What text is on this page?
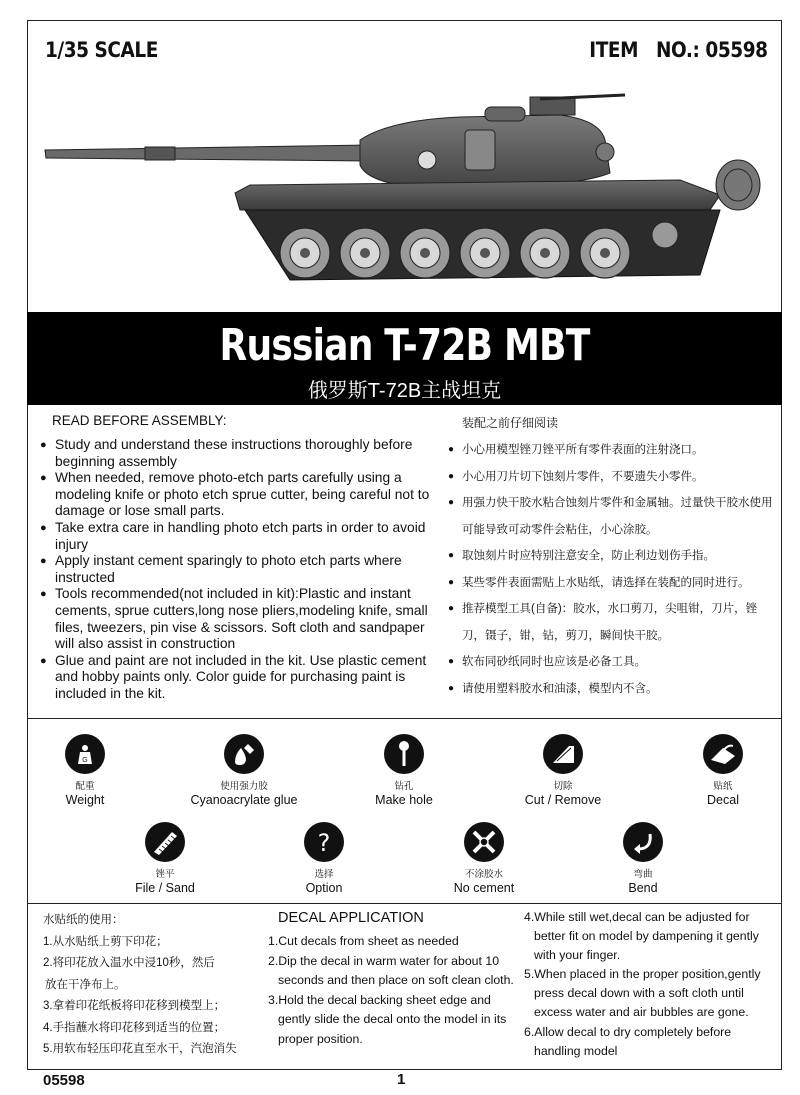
1/35 SCALE	ITEM   NO.: 05598
Russian T-72B MBT
俄罗斯T-72B主战坦克
READ BEFORE ASSEMBLY:
● Study and understand these instructions thoroughly before beginning assembly
● When needed, remove photo-etch parts carefully using a modeling knife or photo etch sprue cutter, being careful not to damage or lose small parts.
● Take extra care in handling photo etch parts in order to avoid injury
● Apply instant cement sparingly to photo etch parts where instructed
● Tools recommended(not included in kit):Plastic and instant cements, sprue cutters,long nose pliers,modeling knife, small files, tweezers, pin vise & scissors. Soft cloth and sandpaper will also assist in construction
● Glue and paint are not included in the kit. Use plastic cement and hobby paints only. Color guide for purchasing paint is included in the kit.
装配之前仔细阅读
● 小心用模型锉刀锉平所有零件表面的注射浇口。
● 小心用刀片切下蚀刻片零件，不要遗失小零件。
● 用强力快干胶水粘合蚀刻片零件和金属轴。过量快干胶水使用可能导致可动零件会粘住，小心涂胶。
● 取蚀刻片时应特别注意安全，防止利边划伤手指。
● 某些零件表面需贴上水贴纸，请选择在装配的同时进行。
● 推荐模型工具(自备)：胶水，水口剪刀，尖咀钳，刀片，锉刀，镊子，钳，钻，剪刀，瞬间快干胶。
● 软布同砂纸同时也应该是必备工具。
● 请使用塑料胶水和油漆，模型内不含。
G
配重
Weight
使用强力胶
Cyanoacrylate glue
钻孔
Make hole
切除
Cut / Remove
贴纸
Decal
锉平
File / Sand
?
选择
Option
不涂胶水
No cement
弯曲
Bend
水贴纸的使用：
1.从水贴纸上剪下印花；
2.将印花放入温水中浸10秒，然后
放在干净布上。
3.拿着印花纸板将印花移到模型上；
4.手指蘸水将印花移到适当的位置；
5.用软布轻压印花直至水干，汽泡消失
DECAL APPLICATION
1.Cut decals from sheet as needed
2.Dip the decal in warm water for about 10 seconds and then place on soft clean cloth.
3.Hold the decal backing sheet edge and gently slide the decal onto the model in its proper position.
4.While still wet,decal can be adjusted for better fit on model by dampening it gently with your finger.
5.When placed in the proper position,gently press decal down with a soft cloth until excess water and air bubbles are gone.
6.Allow decal to dry completely before handling model
05598	1
